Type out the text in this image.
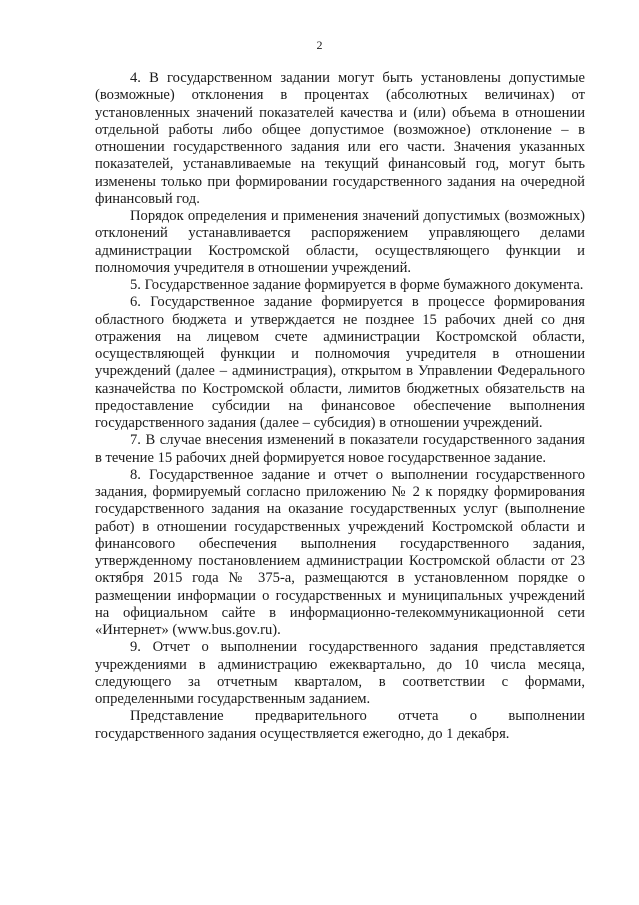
2

4. В государственном задании могут быть установлены допустимые (возможные) отклонения в процентах (абсолютных величинах) от установленных значений показателей качества и (или) объема в отношении отдельной работы либо общее допустимое (возможное) отклонение – в отношении государственного задания или его части. Значения указанных показателей, устанавливаемые на текущий финансовый год, могут быть изменены только при формировании государственного задания на очередной финансовый год.

Порядок определения и применения значений допустимых (возможных) отклонений устанавливается распоряжением управляющего делами администрации Костромской области, осуществляющего функции и полномочия учредителя в отношении учреждений.

5. Государственное задание формируется в форме бумажного документа.

6. Государственное задание формируется в процессе формирования областного бюджета и утверждается не позднее 15 рабочих дней со дня отражения на лицевом счете администрации Костромской области, осуществляющей функции и полномочия учредителя в отношении учреждений (далее – администрация), открытом в Управлении Федерального казначейства по Костромской области, лимитов бюджетных обязательств на предоставление субсидии на финансовое обеспечение выполнения государственного задания (далее – субсидия) в отношении учреждений.

7. В случае внесения изменений в показатели государственного задания в течение 15 рабочих дней формируется новое государственное задание.

8. Государственное задание и отчет о выполнении государственного задания, формируемый согласно приложению № 2 к порядку формирования государственного задания на оказание государственных услуг (выполнение работ) в отношении государственных учреждений Костромской области и финансового обеспечения выполнения государственного задания, утвержденному постановлением администрации Костромской области от 23 октября 2015 года № 375-а, размещаются в установленном порядке о размещении информации о государственных и муниципальных учреждений на официальном сайте в информационно-телекоммуникационной сети «Интернет» (www.bus.gov.ru).

9. Отчет о выполнении государственного задания представляется учреждениями в администрацию ежеквартально, до 10 числа месяца, следующего за отчетным кварталом, в соответствии с формами, определенными государственным заданием.

Представление предварительного отчета о выполнении государственного задания осуществляется ежегодно, до 1 декабря.
